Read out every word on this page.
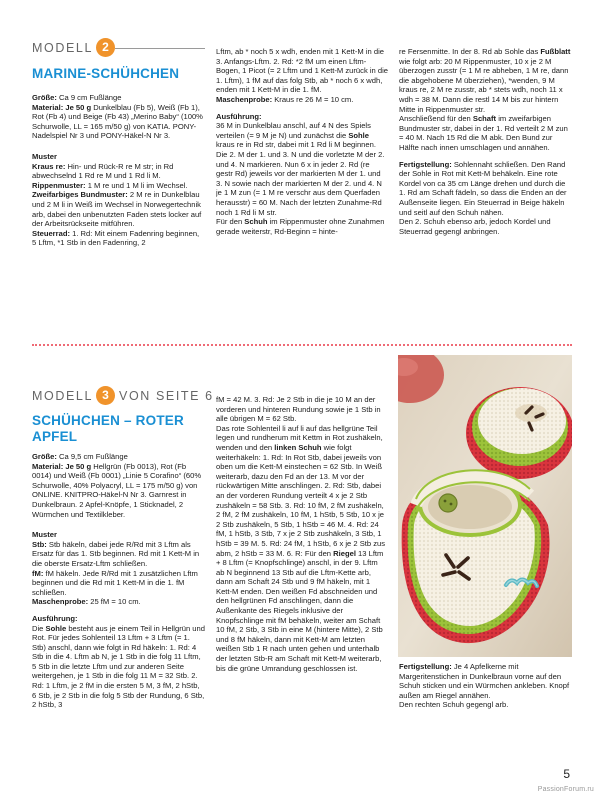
MODELL 2
MARINE-SCHÜHCHEN

Größe: Ca 9 cm Fußlänge

Material: Je 50 g Dunkelblau (Fb 5), Weiß (Fb 1), Rot (Fb 4) und Beige (Fb 43) „Merino Baby“ (100% Schurwolle, LL = 165 m/50 g) von KATIA. PONY-Nadelspiel Nr 3 und PONY-Häkel-N Nr 3.

Muster

Kraus re: Hin- und Rück-R re M str; in Rd abwechselnd 1 Rd re M und 1 Rd li M.

Rippenmuster: 1 M re und 1 M li im Wechsel.

Zweifarbiges Bundmuster: 2 M re in Dunkelblau und 2 M li in Weiß im Wechsel in Norwegertechnik arb, dabei den unbenutzten Faden stets locker auf der Arbeitsrückseite mitführen.

Steuerrad: 1. Rd: Mit einem Fadenring beginnen, 5 Lftm, *1 Stb in den Fadenring, 2

Lftm, ab * noch 5 x wdh, enden mit 1 Kett-M in die 3. Anfangs-Lftm. 2. Rd: *2 fM um einen Lftm-Bogen, 1 Picot (= 2 Lftm und 1 Kett-M zurück in die 1. Lftm), 1 fM auf das folg Stb, ab * noch 6 x wdh, enden mit 1 Kett-M in die 1. fM.

Maschenprobe: Kraus re 26 M = 10 cm.

Ausführung:

36 M in Dunkelblau anschl, auf 4 N des Spiels verteilen (= 9 M je N) und zunächst die Sohle kraus re in Rd str, dabei mit 1 Rd li M beginnen. Die 2. M der 1. und 3. N und die vorletzte M der 2. und 4. N markieren. Nun 6 x in jeder 2. Rd (re gestr Rd) jeweils vor der markierten M der 1. und 3. N sowie nach der markierten M der 2. und 4. N je 1 M zun (= 1 M re verschr aus dem Querfaden herausstr) = 60 M. Nach der letzten Zunahme-Rd noch 1 Rd li M str.

Für den Schuh im Rippenmuster ohne Zunahmen gerade weiterstr, Rd-Beginn = hinte-

re Fersenmitte. In der 8. Rd ab Sohle das Fußblatt wie folgt arb: 20 M Rippenmuster, 10 x je 2 M überzogen zusstr (= 1 M re abheben, 1 M re, dann die abgehobene M überziehen), *wenden, 9 M kraus re, 2 M re zusstr, ab * stets wdh, noch 11 x wdh = 38 M. Dann die restl 14 M bis zur hintern Mitte in Rippenmuster str.

Anschließend für den Schaft im zweifarbigen Bundmuster str, dabei in der 1. Rd verteilt 2 M zun = 40 M. Nach 15 Rd die M abk. Den Bund zur Hälfte nach innen umschlagen und annähen.

Fertigstellung: Sohlennaht schließen. Den Rand der Sohle in Rot mit Kett-M behäkeln. Eine rote Kordel von ca 35 cm Länge drehen und durch die 1. Rd am Schaft fädeln, so dass die Enden an der Außenseite liegen. Ein Steuerrad in Beige häkeln und seitl auf den Schuh nähen.

Den 2. Schuh ebenso arb, jedoch Kordel und Steuerrad gegengl anbringen.

MODELL 3 VON SEITE 6
SCHÜHCHEN – ROTER
APFEL

Größe: Ca 9,5 cm Fußlänge

Material: Je 50 g Hellgrün (Fb 0013), Rot (Fb 0014) und Weiß (Fb 0001) „Linie 5 Corafino“ (60% Schurwolle, 40% Polyacryl, LL = 175 m/50 g) von ONLINE. KNITPRO-Häkel-N Nr 3. Garnrest in Dunkelbraun. 2 Apfel-Knöpfe, 1 Sticknadel, 2 Würmchen und Textilkleber.

Muster

Stb: Stb häkeln, dabei jede R/Rd mit 3 Lftm als Ersatz für das 1. Stb beginnen. Rd mit 1 Kett-M in die oberste Ersatz-Lftm schließen.

fM: fM häkeln. Jede R/Rd mit 1 zusätzlichen Lftm beginnen und die Rd mit 1 Kett-M in die 1. fM schließen.

Maschenprobe: 25 fM = 10 cm.

Ausführung:

Die Sohle besteht aus je einem Teil in Hellgrün und Rot. Für jedes Sohlenteil 13 Lftm + 3 Lftm (= 1. Stb) anschl, dann wie folgt in Rd häkeln: 1. Rd: 4 Stb in die 4. Lftm ab N, je 1 Stb in die folg 11 Lftm, 5 Stb in die letzte Lftm und zur anderen Seite weitergehen, je 1 Stb in die folg 11 M = 32 Stb. 2. Rd: 1 Lftm, je 2 fM in die ersten 5 M, 3 fM, 2 hStb, 6 Stb, je 2 Stb in die folg 5 Stb der Rundung, 6 Stb, 2 hStb, 3

fM = 42 M. 3. Rd: Je 2 Stb in die je 10 M an der vorderen und hinteren Rundung sowie je 1 Stb in alle übrigen M = 62 Stb.

Das rote Sohlenteil li auf li auf das hellgrüne Teil legen und rundherum mit Kettm in Rot zushäkeln, wenden und den linken Schuh wie folgt weiterhäkeln: 1. Rd: In Rot Stb, dabei jeweils von oben um die Kett-M einstechen = 62 Stb. In Weiß weiterarb, dazu den Fd an der 13. M vor der rückwärtigen Mitte anschlingen. 2. Rd: Stb, dabei an der vorderen Rundung verteilt 4 x je 2 Stb zushäkeln = 58 Stb. 3. Rd: 10 fM, 2 fM zushäkeln, 2 fM, 2 fM zushäkeln, 10 fM, 1 hStb, 5 Stb, 10 x je 2 Stb zushäkeln, 5 Stb, 1 hStb = 46 M. 4. Rd: 24 fM, 1 hStb, 3 Stb, 7 x je 2 Stb zushäkeln, 3 Stb, 1 hStb = 39 M. 5. Rd: 24 fM, 1 hStb, 6 x je 2 Stb zus abm, 2 hStb = 33 M. 6. R: Für den Riegel 13 Lftm + 8 Lftm (= Knopfschlinge) anschl, in der 9. Lftm ab N beginnend 13 Stb auf die Lftm-Kette arb, dann am Schaft 24 Stb und 9 fM häkeln, mit 1 Kett-M enden. Den weißen Fd abschneiden und den hellgrünen Fd anschlingen, dann die Außenkante des Riegels inklusive der Knopfschlinge mit fM behäkeln, weiter am Schaft 10 fM, 2 Stb, 3 Stb in eine M (hintere Mitte), 2 Stb und 8 fM häkeln, dann mit Kett-M am letzten weißen Stb 1 R nach unten gehen und unterhalb der letzten Stb-R am Schaft mit Kett-M weiterarb, bis die grüne Umrandung geschlossen ist.	Fertigstellung: Je 4 Apfelkerne mit Margeritenstichen in Dunkelbraun vorne auf den Schuh sticken und ein Würmchen ankleben. Knopf außen am Riegel annähen.

Den rechten Schuh gegengl arb.

5
PassionForum.ru
